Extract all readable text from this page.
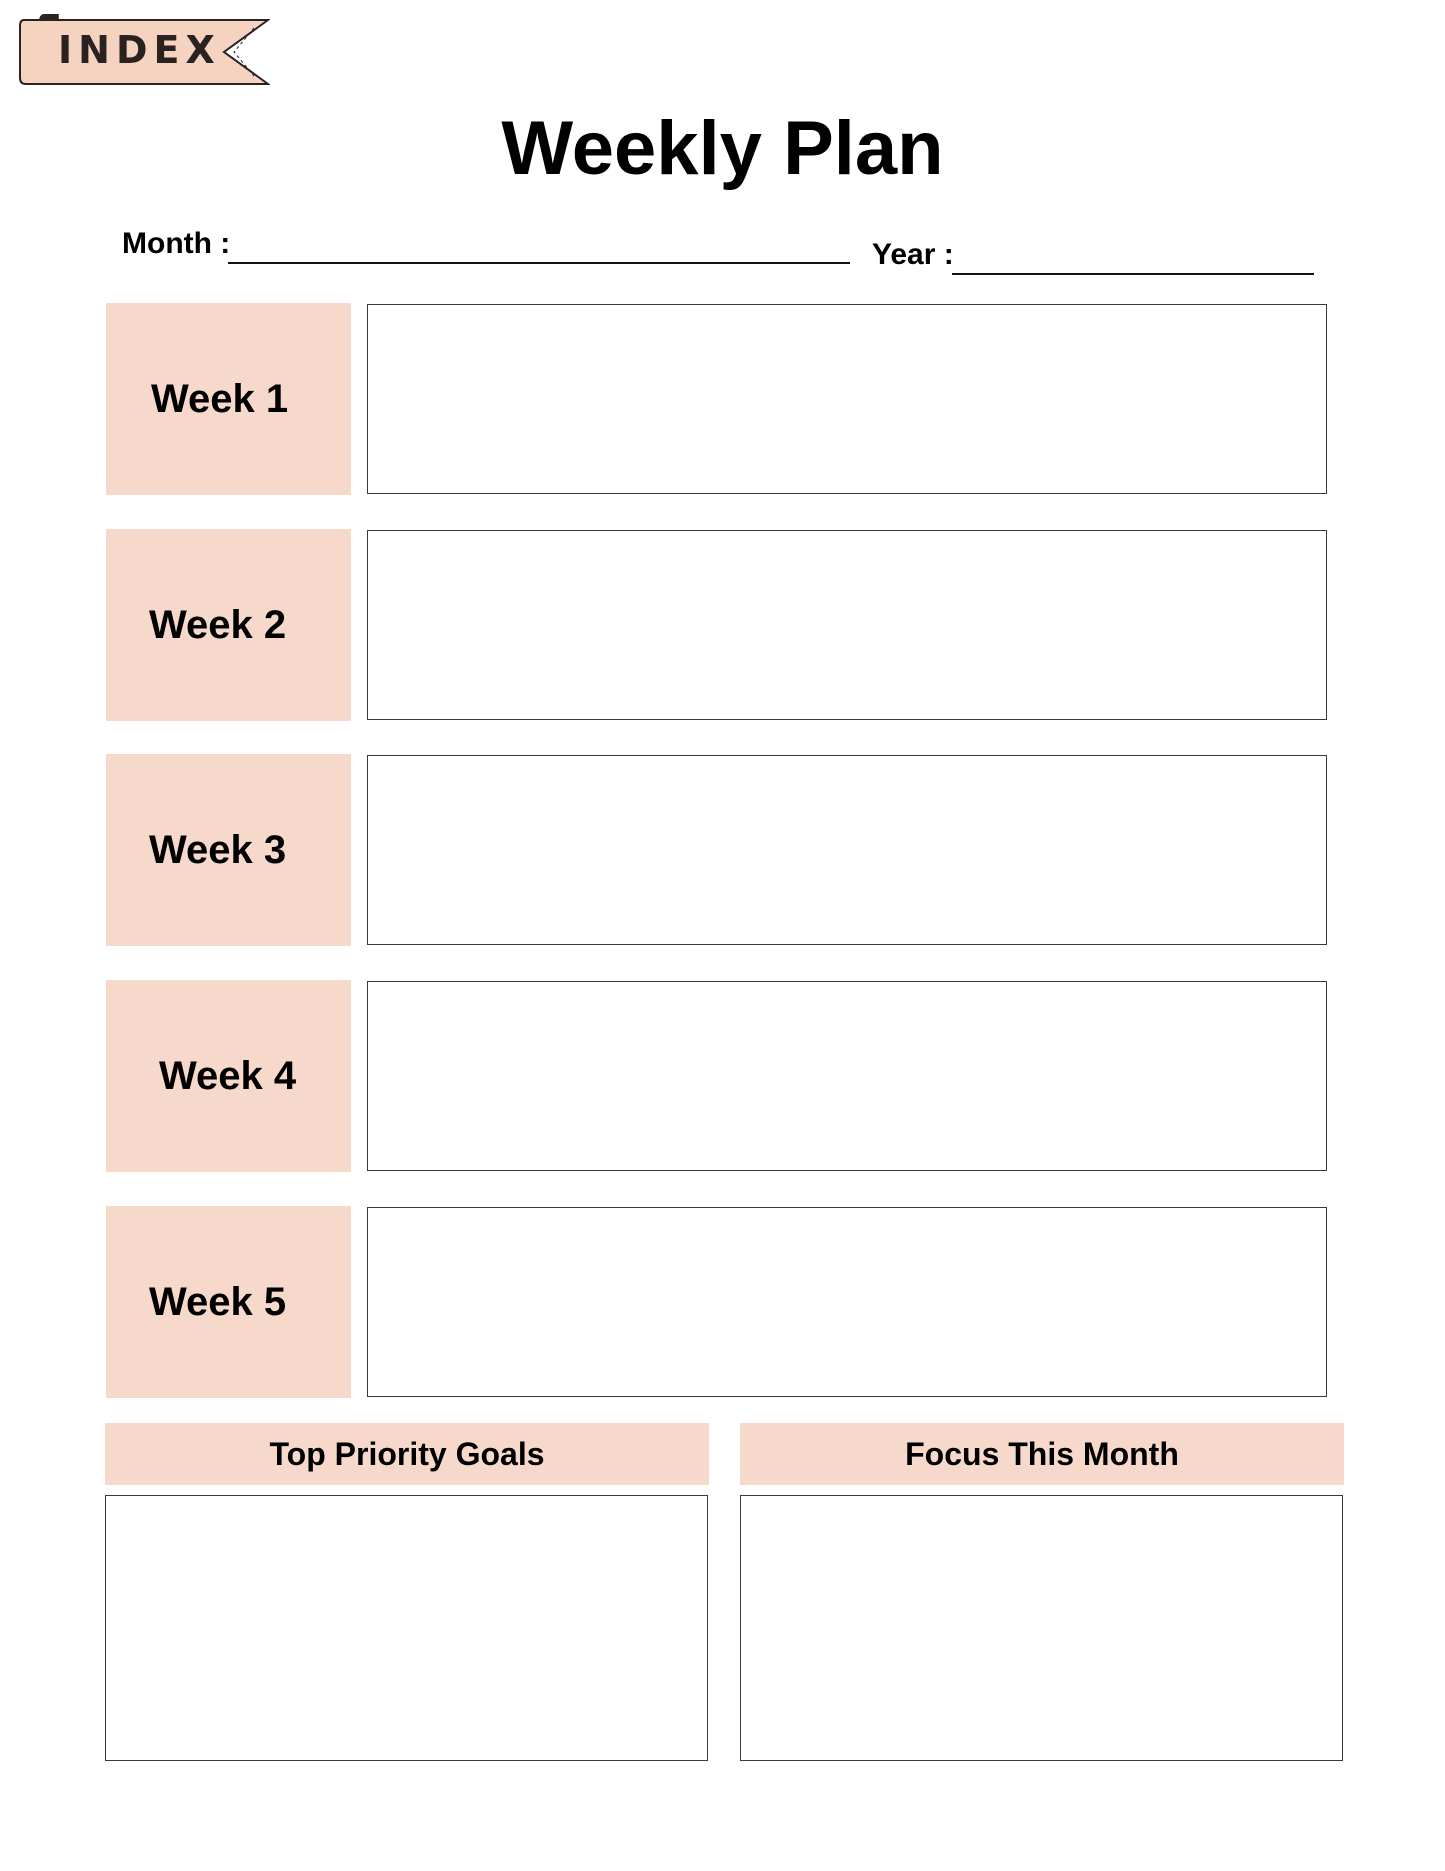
INDEX
Weekly Plan
Month :	Year :
Week 1
Week 2
Week 3
Week 4
Week 5
Top Priority Goals	Focus This Month
